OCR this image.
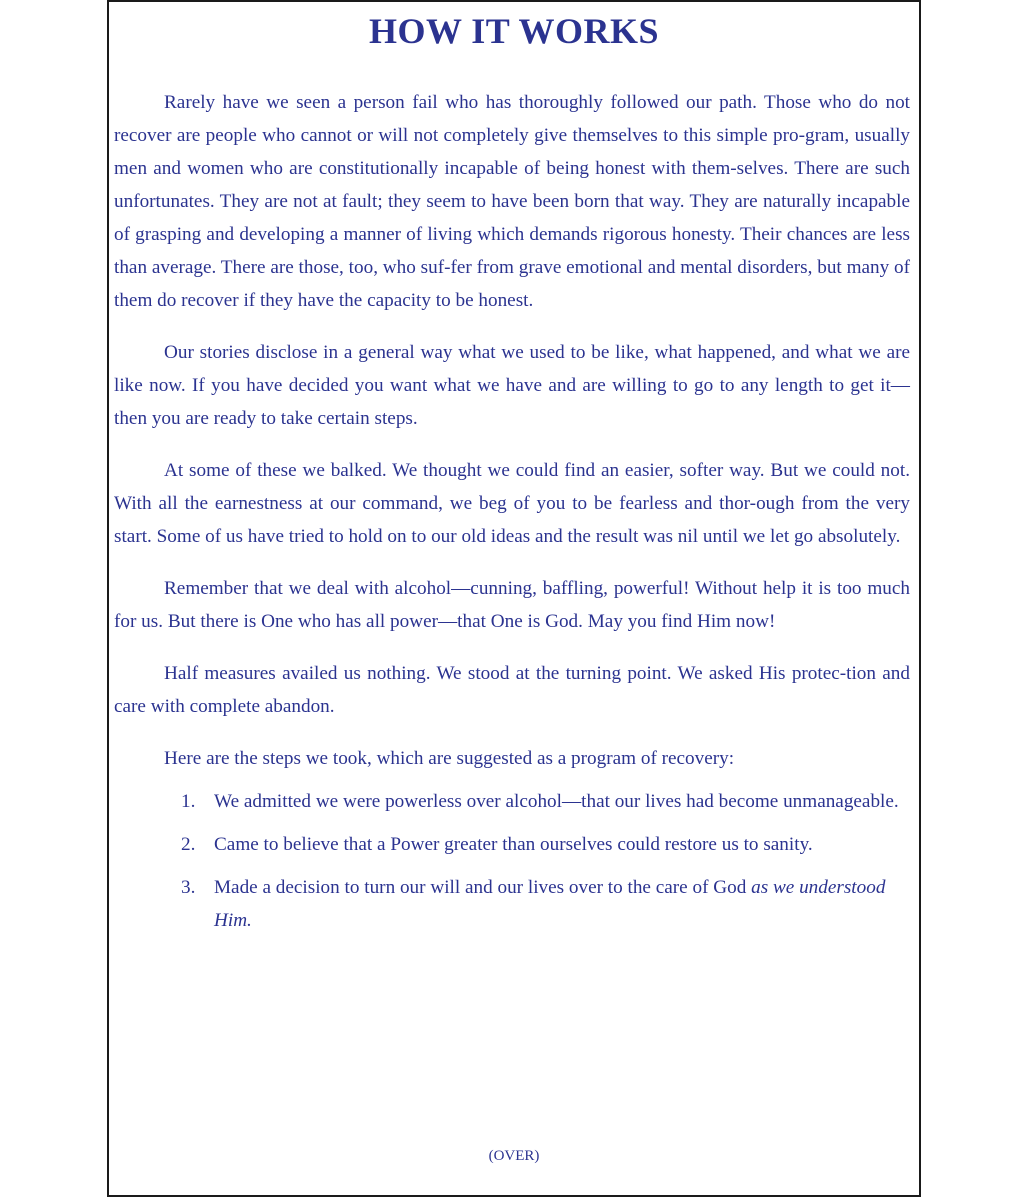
HOW IT WORKS

Rarely have we seen a person fail who has thoroughly followed our path. Those who do not recover are people who cannot or will not completely give themselves to this simple pro-gram, usually men and women who are constitutionally incapable of being honest with them-selves. There are such unfortunates. They are not at fault; they seem to have been born that way. They are naturally incapable of grasping and developing a manner of living which demands rigorous honesty. Their chances are less than average. There are those, too, who suf-fer from grave emotional and mental disorders, but many of them do recover if they have the capacity to be honest.

Our stories disclose in a general way what we used to be like, what happened, and what we are like now. If you have decided you want what we have and are willing to go to any length to get it—then you are ready to take certain steps.

At some of these we balked. We thought we could find an easier, softer way. But we could not. With all the earnestness at our command, we beg of you to be fearless and thor-ough from the very start. Some of us have tried to hold on to our old ideas and the result was nil until we let go absolutely.

Remember that we deal with alcohol—cunning, baffling, powerful! Without help it is too much for us. But there is One who has all power—that One is God. May you find Him now!

Half measures availed us nothing. We stood at the turning point. We asked His protec-tion and care with complete abandon.

Here are the steps we took, which are suggested as a program of recovery:

1. We admitted we were powerless over alcohol—that our lives had become unmanageable.
2. Came to believe that a Power greater than ourselves could restore us to sanity.
3. Made a decision to turn our will and our lives over to the care of God as we understood Him.
(OVER)
